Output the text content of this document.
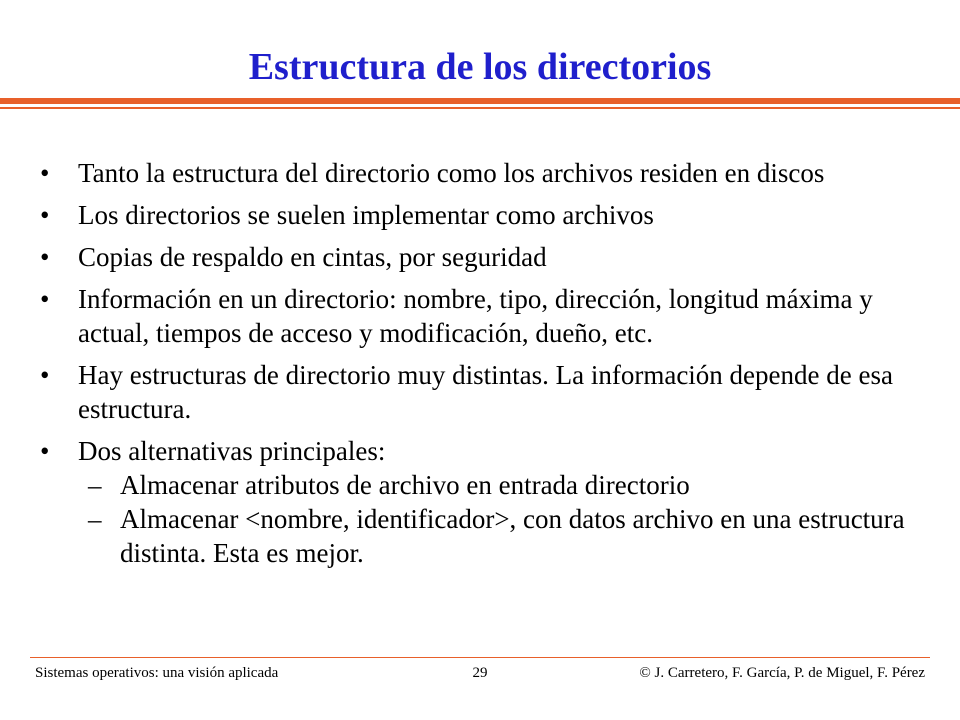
Estructura de los directorios
•	Tanto la estructura del directorio como los archivos residen en discos
•	Los directorios se suelen implementar como archivos
•	Copias de respaldo en cintas, por seguridad
•	Información en un directorio: nombre, tipo, dirección, longitud máxima y actual, tiempos de acceso y modificación, dueño, etc.
•	Hay estructuras de directorio muy distintas. La información depende de esa estructura.
•	Dos alternativas principales:
– Almacenar atributos de archivo en entrada directorio
– Almacenar <nombre, identificador>, con datos archivo en una estructura distinta. Esta es mejor.
Sistemas operativos: una visión aplicada	29	© J. Carretero, F. García, P. de Miguel, F. Pérez
